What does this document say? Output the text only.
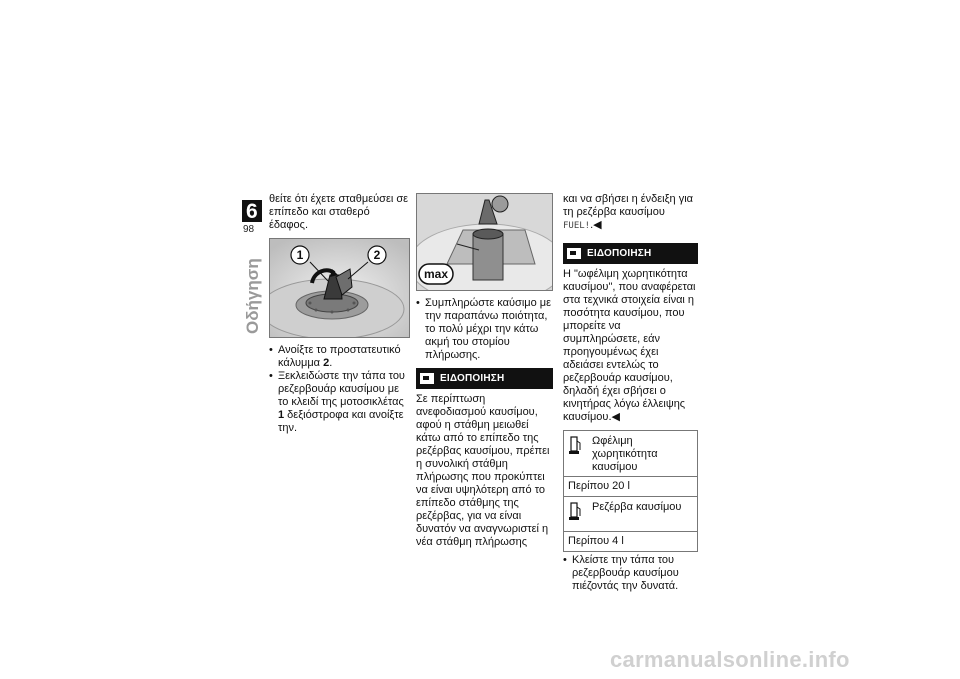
6
98
Οδήγηση

θείτε ότι έχετε σταθμεύσει σε επίπεδο και σταθερό έδαφος.

1	2
• Ανοίξτε το προστατευτικό κάλυμμα 2.
• Ξεκλειδώστε την τάπα του ρεζερβουάρ καυσίμου με το κλειδί της μοτοσικλέτας 1 δεξιόστροφα και ανοίξτε την.
max
• Συμπληρώστε καύσιμο με την παραπάνω ποιότητα, το πολύ μέχρι την κάτω ακμή του στομίου πλήρωσης.
ΕΙΔΟΠΟΙΗΣΗ

Σε περίπτωση ανεφοδιασμού καυσίμου, αφού η στάθμη μειωθεί κάτω από το επίπεδο της ρεζέρβας καυσίμου, πρέπει η συνολική στάθμη πλήρωσης που προκύπτει να είναι υψηλότερη από το επίπεδο στάθμης της ρεζέρβας, για να είναι δυνατόν να αναγνωριστεί η νέα στάθμη πλήρωσης

και να σβήσει η ένδειξη για τη ρεζέρβα καυσίμου FUEL!.◀

ΕΙΔΟΠΟΙΗΣΗ

Η "ωφέλιμη χωρητικότητα καυσίμου", που αναφέρεται στα τεχνικά στοιχεία είναι η ποσότητα καυσίμου, που μπορείτε να συμπληρώσετε, εάν προηγουμένως έχει αδειάσει εντελώς το ρεζερβουάρ καυσίμου, δηλαδή έχει σβήσει ο κινητήρας λόγω έλλειψης καυσίμου.◀

Ωφέλιμη χωρητικότητα καυσίμου
Περίπου 20 l
Ρεζέρβα καυσίμου
Περίπου 4 l
• Κλείστε την τάπα του ρεζερβουάρ καυσίμου πιέζοντάς την δυνατά.
carmanualsonline.info
